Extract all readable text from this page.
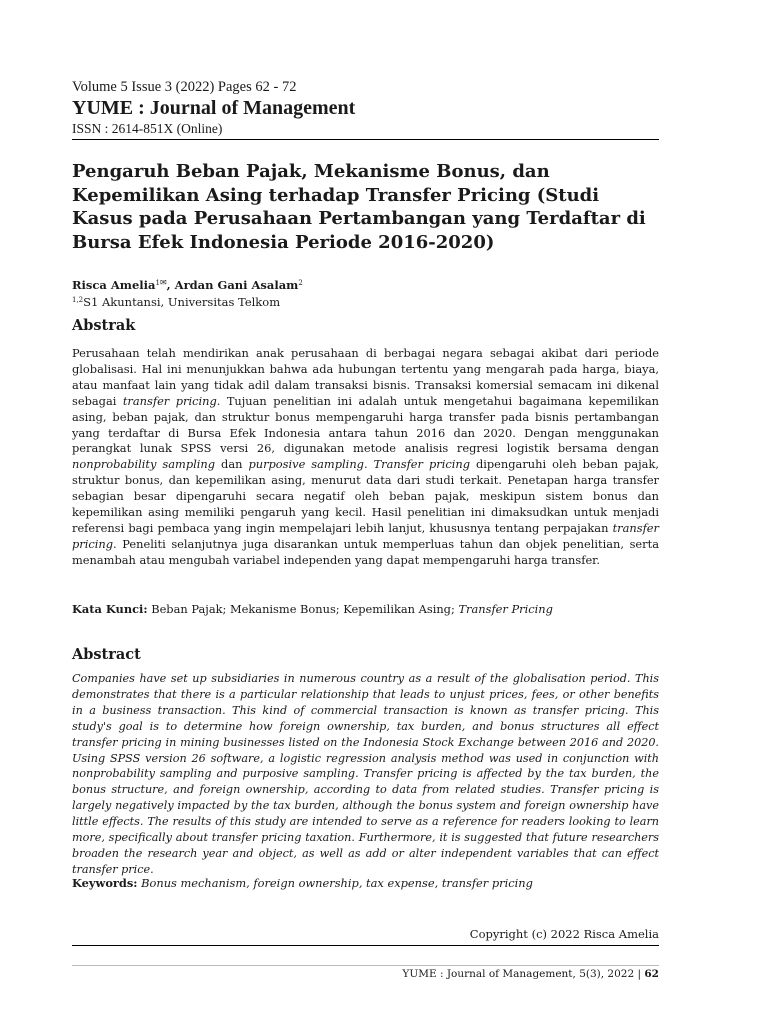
Volume 5 Issue 3 (2022) Pages 62 - 72
YUME : Journal of Management
ISSN : 2614-851X (Online)
Pengaruh Beban Pajak, Mekanisme Bonus, dan Kepemilikan Asing terhadap Transfer Pricing (Studi Kasus pada Perusahaan Pertambangan yang Terdaftar di Bursa Efek Indonesia Periode 2016-2020)
Risca Amelia$^1$✉, Ardan Gani Asalam$^2$
$^{1,2}$S1 Akuntansi, Universitas Telkom
Abstrak

Perusahaan telah mendirikan anak perusahaan di berbagai negara sebagai akibat dari periode globalisasi. Hal ini menunjukkan bahwa ada hubungan tertentu yang mengarah pada harga, biaya, atau manfaat lain yang tidak adil dalam transaksi bisnis. Transaksi komersial semacam ini dikenal sebagai transfer pricing. Tujuan penelitian ini adalah untuk mengetahui bagaimana kepemilikan asing, beban pajak, dan struktur bonus mempengaruhi harga transfer pada bisnis pertambangan yang terdaftar di Bursa Efek Indonesia antara tahun 2016 dan 2020. Dengan menggunakan perangkat lunak SPSS versi 26, digunakan metode analisis regresi logistik bersama dengan nonprobability sampling dan purposive sampling. Transfer pricing dipengaruhi oleh beban pajak, struktur bonus, dan kepemilikan asing, menurut data dari studi terkait. Penetapan harga transfer sebagian besar dipengaruhi secara negatif oleh beban pajak, meskipun sistem bonus dan kepemilikan asing memiliki pengaruh yang kecil. Hasil penelitian ini dimaksudkan untuk menjadi referensi bagi pembaca yang ingin mempelajari lebih lanjut, khususnya tentang perpajakan transfer pricing. Peneliti selanjutnya juga disarankan untuk memperluas tahun dan objek penelitian, serta menambah atau mengubah variabel independen yang dapat mempengaruhi harga transfer.

Kata Kunci: Beban Pajak; Mekanisme Bonus; Kepemilikan Asing; Transfer Pricing

Abstract

Companies have set up subsidiaries in numerous country as a result of the globalisation period. This demonstrates that there is a particular relationship that leads to unjust prices, fees, or other benefits in a business transaction. This kind of commercial transaction is known as transfer pricing. This study's goal is to determine how foreign ownership, tax burden, and bonus structures all effect transfer pricing in mining businesses listed on the Indonesia Stock Exchange between 2016 and 2020. Using SPSS version 26 software, a logistic regression analysis method was used in conjunction with nonprobability sampling and purposive sampling. Transfer pricing is affected by the tax burden, the bonus structure, and foreign ownership, according to data from related studies. Transfer pricing is largely negatively impacted by the tax burden, although the bonus system and foreign ownership have little effects. The results of this study are intended to serve as a reference for readers looking to learn more, specifically about transfer pricing taxation. Furthermore, it is suggested that future researchers broaden the research year and object, as well as add or alter independent variables that can effect transfer price.

Keywords: Bonus mechanism, foreign ownership, tax expense, transfer pricing

Copyright (c) 2022 Risca Amelia
YUME : Journal of Management, 5(3), 2022 | 62
